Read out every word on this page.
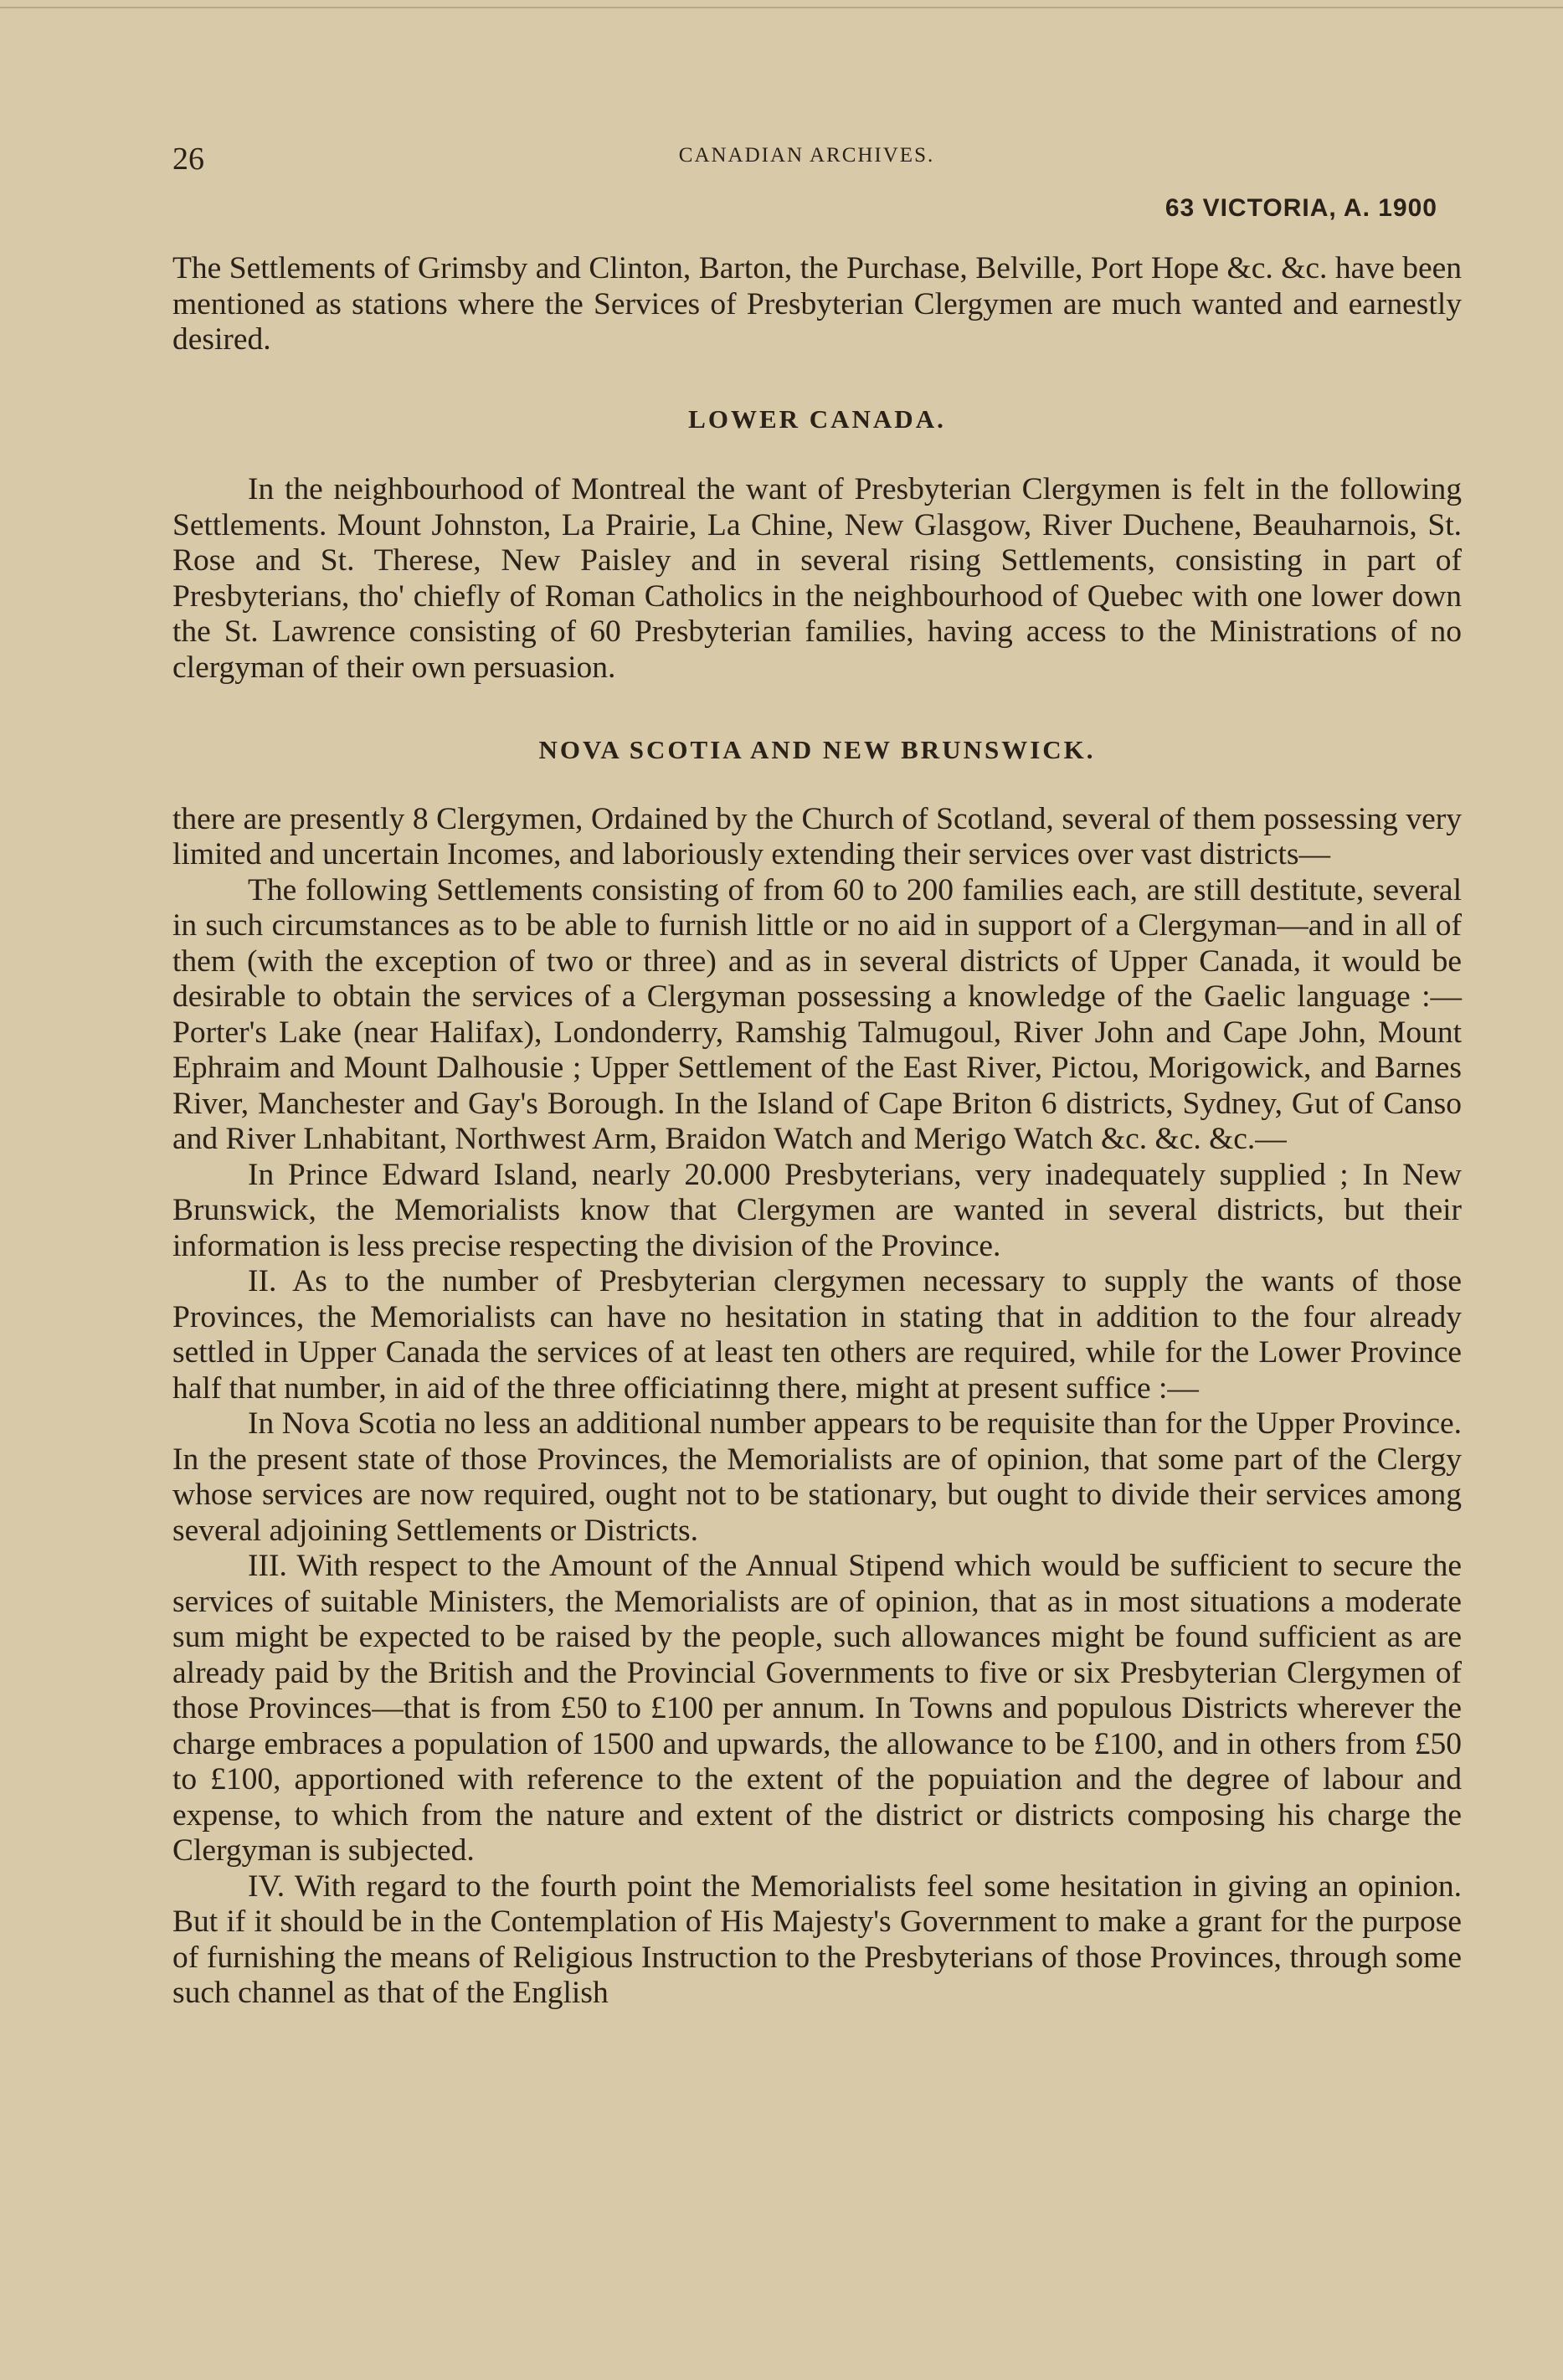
26	CANADIAN ARCHIVES.
63 VICTORIA, A. 1900

The Settlements of Grimsby and Clinton, Barton, the Purchase, Belville, Port Hope &c. &c. have been mentioned as stations where the Services of Presbyterian Clergymen are much wanted and earnestly desired.

LOWER CANADA.

In the neighbourhood of Montreal the want of Presbyterian Clergymen is felt in the following Settlements. Mount Johnston, La Prairie, La Chine, New Glasgow, River Duchene, Beauharnois, St. Rose and St. Therese, New Paisley and in several rising Settlements, consisting in part of Presbyterians, tho' chiefly of Roman Catholics in the neighbourhood of Quebec with one lower down the St. Lawrence consisting of 60 Presbyterian families, having access to the Ministrations of no clergyman of their own persuasion.

NOVA SCOTIA AND NEW BRUNSWICK.

there are presently 8 Clergymen, Ordained by the Church of Scotland, several of them possessing very limited and uncertain Incomes, and laboriously extending their services over vast districts—

The following Settlements consisting of from 60 to 200 families each, are still destitute, several in such circumstances as to be able to furnish little or no aid in support of a Clergyman—and in all of them (with the exception of two or three) and as in several districts of Upper Canada, it would be desirable to obtain the services of a Clergyman possessing a knowledge of the Gaelic language :—Porter's Lake (near Halifax), Londonderry, Ramshig Talmugoul, River John and Cape John, Mount Ephraim and Mount Dalhousie ; Upper Settlement of the East River, Pictou, Morigowick, and Barnes River, Manchester and Gay's Borough. In the Island of Cape Briton 6 districts, Sydney, Gut of Canso and River Lnhabitant, Northwest Arm, Braidon Watch and Merigo Watch &c. &c. &c.—

In Prince Edward Island, nearly 20.000 Presbyterians, very inadequately supplied ; In New Brunswick, the Memorialists know that Clergymen are wanted in several districts, but their information is less precise respecting the division of the Province.

II. As to the number of Presbyterian clergymen necessary to supply the wants of those Provinces, the Memorialists can have no hesitation in stating that in addition to the four already settled in Upper Canada the services of at least ten others are required, while for the Lower Province half that number, in aid of the three officiatinng there, might at present suffice :—

In Nova Scotia no less an additional number appears to be requisite than for the Upper Province. In the present state of those Provinces, the Memorialists are of opinion, that some part of the Clergy whose services are now required, ought not to be stationary, but ought to divide their services among several adjoining Settlements or Districts.

III. With respect to the Amount of the Annual Stipend which would be sufficient to secure the services of suitable Ministers, the Memorialists are of opinion, that as in most situations a moderate sum might be expected to be raised by the people, such allowances might be found sufficient as are already paid by the British and the Provincial Governments to five or six Presbyterian Clergymen of those Provinces—that is from £50 to £100 per annum. In Towns and populous Districts wherever the charge embraces a population of 1500 and upwards, the allowance to be £100, and in others from £50 to £100, apportioned with reference to the extent of the popuiation and the degree of labour and expense, to which from the nature and extent of the district or districts composing his charge the Clergyman is subjected.

IV. With regard to the fourth point the Memorialists feel some hesitation in giving an opinion. But if it should be in the Contemplation of His Majesty's Government to make a grant for the purpose of furnishing the means of Religious Instruction to the Presbyterians of those Provinces, through some such channel as that of the English
